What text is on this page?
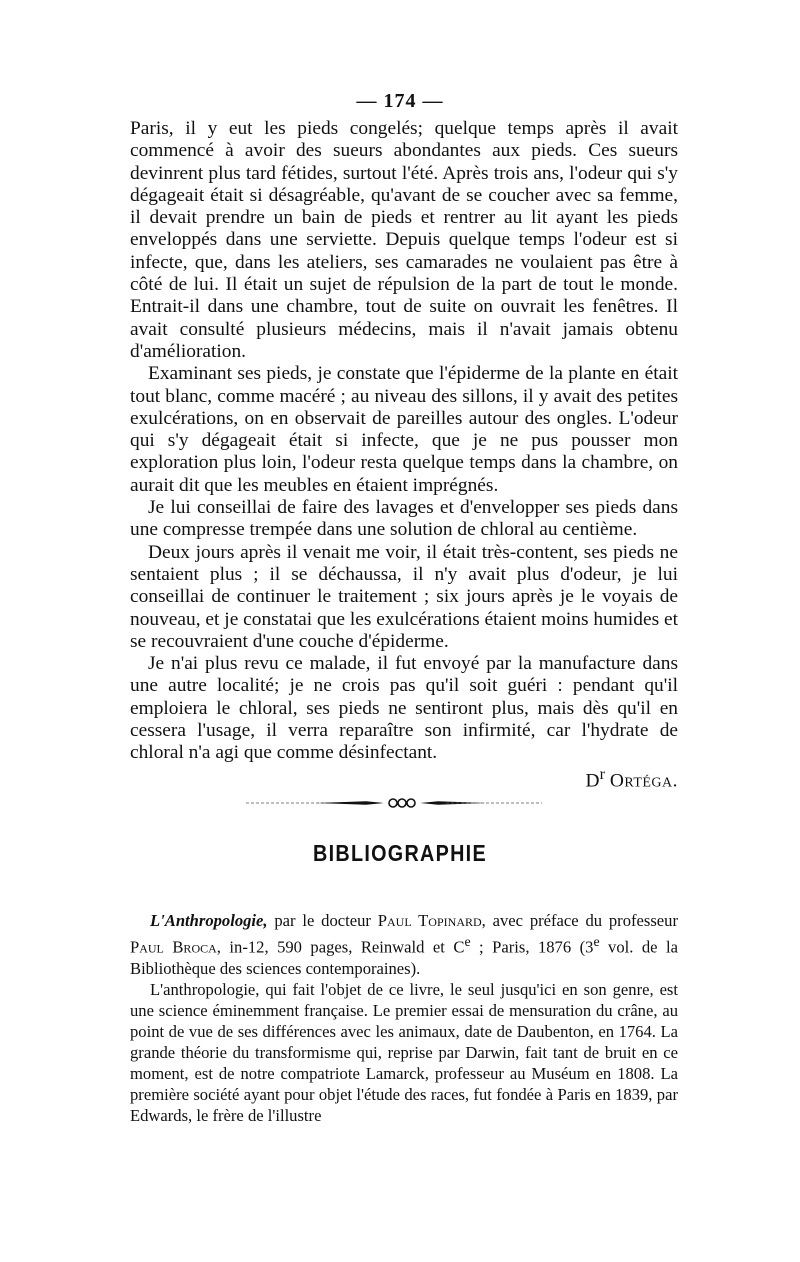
— 174 —

Paris, il y eut les pieds congelés; quelque temps après il avait commencé à avoir des sueurs abondantes aux pieds. Ces sueurs devinrent plus tard fétides, surtout l'été. Après trois ans, l'odeur qui s'y dégageait était si désagréable, qu'avant de se coucher avec sa femme, il devait prendre un bain de pieds et rentrer au lit ayant les pieds enveloppés dans une serviette. Depuis quelque temps l'odeur est si infecte, que, dans les ateliers, ses camarades ne voulaient pas être à côté de lui. Il était un sujet de répulsion de la part de tout le monde. Entrait-il dans une chambre, tout de suite on ouvrait les fenêtres. Il avait consulté plusieurs médecins, mais il n'avait jamais obtenu d'amélioration.

Examinant ses pieds, je constate que l'épiderme de la plante en était tout blanc, comme macéré ; au niveau des sillons, il y avait des petites exulcérations, on en observait de pareilles autour des ongles. L'odeur qui s'y dégageait était si infecte, que je ne pus pousser mon exploration plus loin, l'odeur resta quelque temps dans la chambre, on aurait dit que les meubles en étaient imprégnés.

Je lui conseillai de faire des lavages et d'envelopper ses pieds dans une compresse trempée dans une solution de chloral au centième.

Deux jours après il venait me voir, il était très-content, ses pieds ne sentaient plus ; il se déchaussa, il n'y avait plus d'odeur, je lui conseillai de continuer le traitement ; six jours après je le voyais de nouveau, et je constatai que les exulcérations étaient moins humides et se recouvraient d'une couche d'épiderme.

Je n'ai plus revu ce malade, il fut envoyé par la manufacture dans une autre localité; je ne crois pas qu'il soit guéri : pendant qu'il emploiera le chloral, ses pieds ne sentiront plus, mais dès qu'il en cessera l'usage, il verra reparaître son infirmité, car l'hydrate de chloral n'a agi que comme désinfectant.

$D^r$ Ortéga.
BIBLIOGRAPHIE

L'Anthropologie, par le docteur Paul Topinard, avec préface du professeur Paul Broca, in-12, 590 pages, Reinwald et Ce ; Paris, 1876 (3e vol. de la Bibliothèque des sciences contemporaines).

L'anthropologie, qui fait l'objet de ce livre, le seul jusqu'ici en son genre, est une science éminemment française. Le premier essai de mensuration du crâne, au point de vue de ses différences avec les animaux, date de Daubenton, en 1764. La grande théorie du transformisme qui, reprise par Darwin, fait tant de bruit en ce moment, est de notre compatriote Lamarck, professeur au Muséum en 1808. La première société ayant pour objet l'étude des races, fut fondée à Paris en 1839, par Edwards, le frère de l'illustre
